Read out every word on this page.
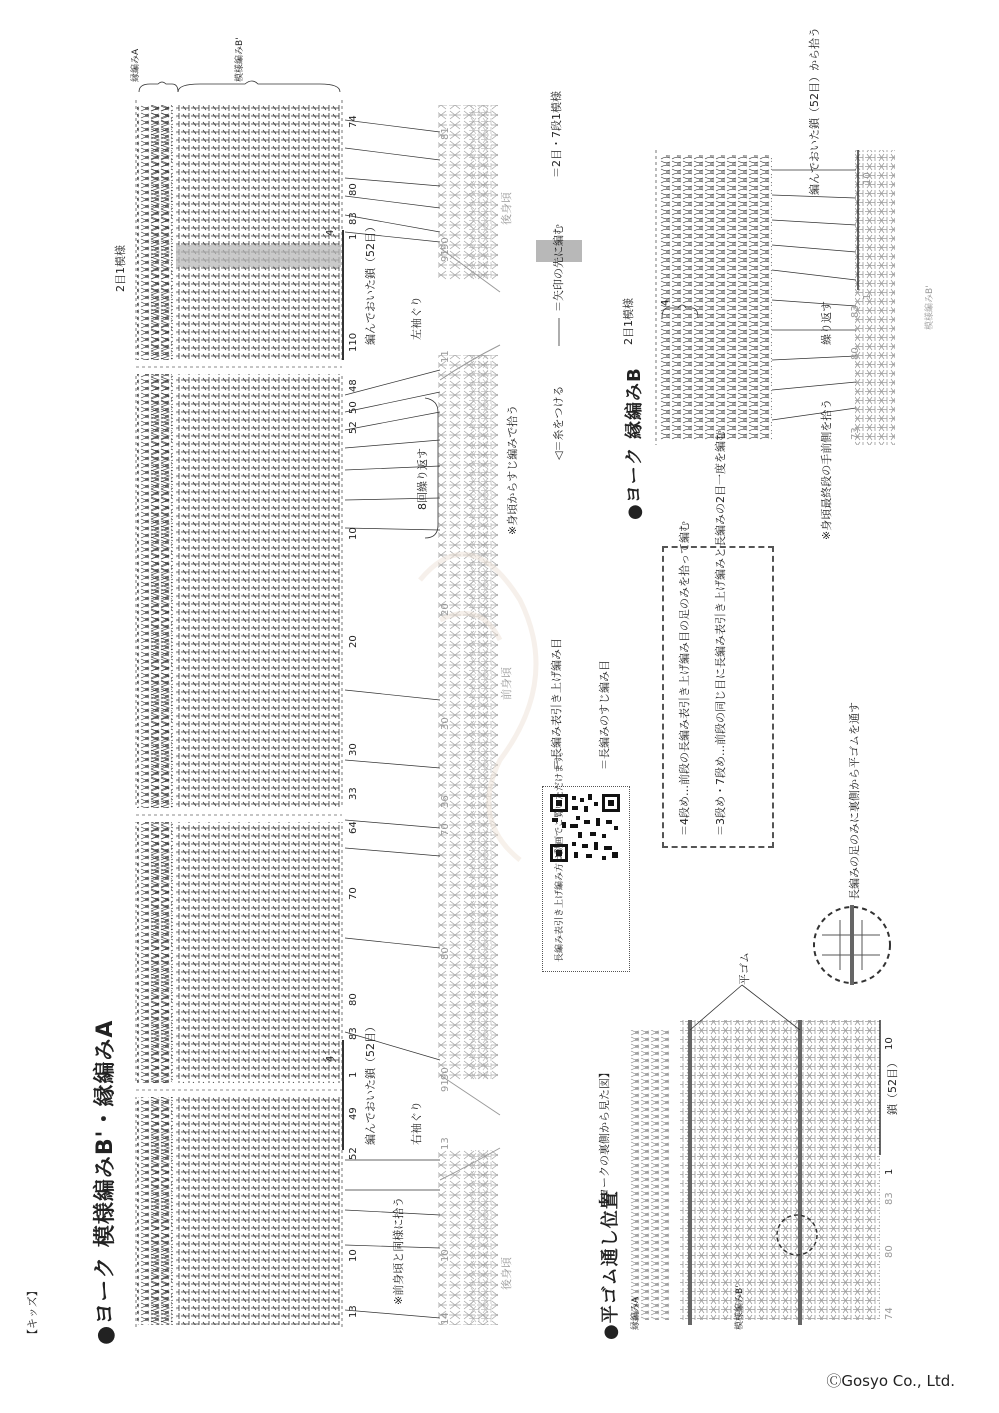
【キッズ】 ●ヨーク 模様編みB'・縁編みA
縁編みA	模様編みB'
2目1模様
74
80
83
1
4
81
90
91
編んでおいた鎖（52目）	左袖ぐり
後身頃
110
11
48
50
52
10
20
20
30
30
33
36
64	70
70
80
80
83
8回繰り返す	※身頃からすじ編みで拾う
前身頃
4
1	90
91
編んでおいた鎖（52目）	右袖ぐり
49
52
13
※前身頃と同様に拾う
10
13
10
14
後身頃
＝2目・7段1模様
＝矢印の先に編む
◁＝糸をつける
＝長編み表引き上げ編み目	＝長編みのすじ編み目	＝4段め…前段の長編み表引き上げ編み目の足のみを拾って編む ＝3段め・7段め…前段の同じ目に長編み表引き上げ編みと長編みの2目一度を編む
長編み表引き上げ編み方は動画でご覧いただけます。
●平ゴム通し位置
【ヨークの裏側から見た図】
平ゴム
縁編みA	模様編みB'
鎖（52目）
長編みの足のみに裏側から平ゴムを通す
74
80
83
1
10
●ヨーク 縁編みB
2目1模様
編んでおいた鎖（52目）から拾う
繰り返す
※身頃最終段の手前側を拾う
模様編みB'
10
1
4
80
83
73
ⒸGosyo Co., Ltd.
